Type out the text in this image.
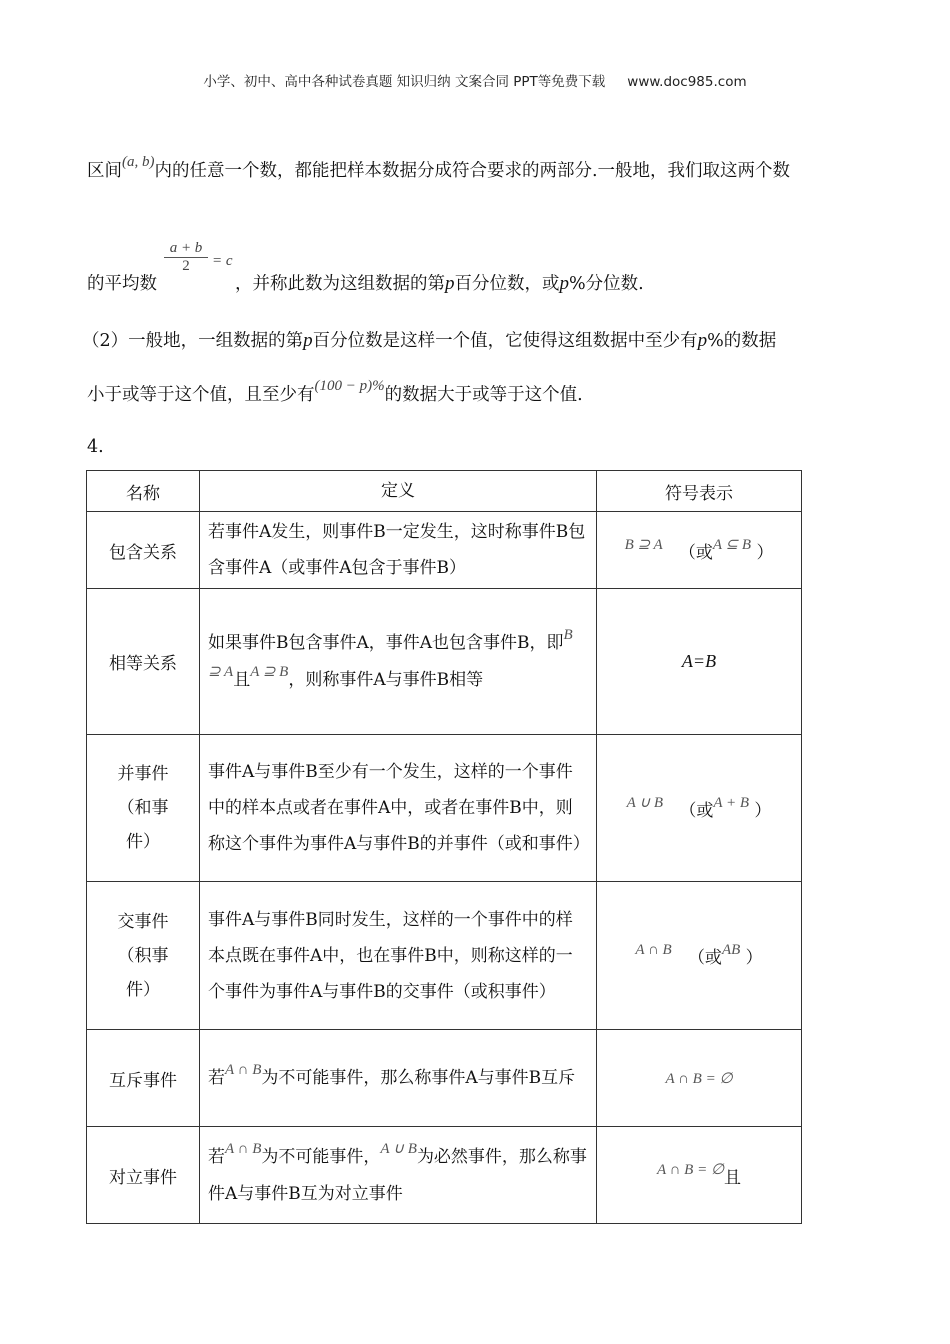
小学、初中、高中各种试卷真题 知识归纳 文案合同 PPT等免费下载 www.doc985.com
区间(a, b)内的任意一个数，都能把样本数据分成符合要求的两部分.一般地，我们取这两个数
a + b
2	= c
的平均数	，并称此数为这组数据的第p百分位数，或p%分位数.
（2）一般地，一组数据的第p百分位数是这样一个值，它使得这组数据中至少有p%的数据
小于或等于这个值，且至少有(100 − p)%的数据大于或等于这个值.
4.
名称	定义	符号表示
包含关系	若事件A发生，则事件B一定发生，这时称事件B包含事件A（或事件A包含于事件B）	B ⊇ A （或A ⊆ B ）
相等关系	如果事件B包含事件A，事件A也包含事件B，即B ⊇ A且A ⊇ B，则称事件A与事件B相等	A=B

并事件
（和事
件）	事件A与事件B至少有一个发生，这样的一个事件中的样本点或者在事件A中，或者在事件B中，则称这个事件为事件A与事件B的并事件（或和事件）	A ∪ B （或A + B ）

交事件
（积事
件）	事件A与事件B同时发生，这样的一个事件中的样本点既在事件A中，也在事件B中，则称这样的一个事件为事件A与事件B的交事件（或积事件）	A ∩ B （或AB ）
互斥事件	若A ∩ B为不可能事件，那么称事件A与事件B互斥	A ∩ B = ∅
对立事件	若A ∩ B为不可能事件，A ∪ B为必然事件，那么称事件A与事件B互为对立事件	A ∩ B = ∅且
